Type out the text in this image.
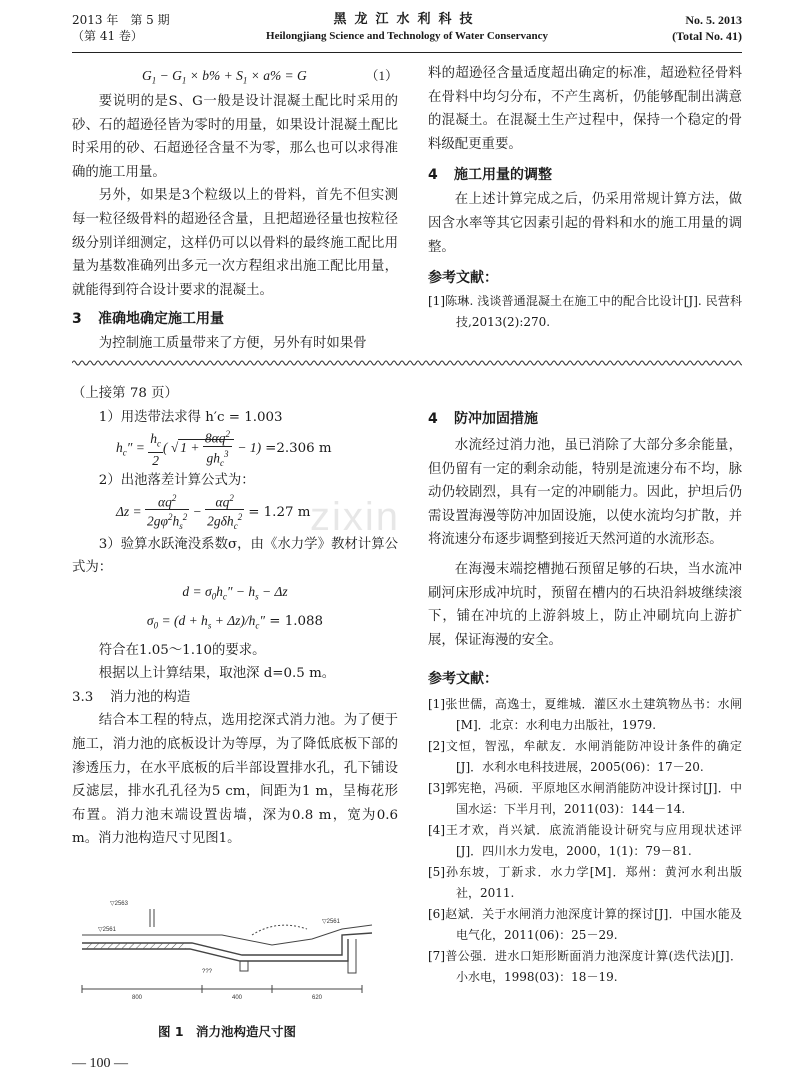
2013 年　第 5 期
（第 41 卷）
黑龙江水利科技
Heilongjiang Science and Technology of Water Conservancy
No. 5. 2013
(Total No. 41)
$G_1 - G_1 \times b\% + S_1 \times a\% = G$	（1）

要说明的是S、G一般是设计混凝土配比时采用的砂、石的超逊径皆为零时的用量，如果设计混凝土配比时采用的砂、石超逊径含量不为零，那么也可以求得准确的施工用量。

另外，如果是3个粒级以上的骨料，首先不但实测每一粒径级骨料的超逊径含量，且把超逊径量也按粒径级分别详细测定，这样仍可以以骨料的最终施工配比用量为基数准确列出多元一次方程组求出施工配比用量，就能得到符合设计要求的混凝土。

3 准确地确定施工用量

为控制施工质量带来了方便，另外有时如果骨

料的超逊径含量适度超出确定的标准，超逊粒径骨料在骨料中均匀分布，不产生离析，仍能够配制出满意的混凝土。在混凝土生产过程中，保持一个稳定的骨料级配更重要。

4 施工用量的调整

在上述计算完成之后，仍采用常规计算方法，做因含水率等其它因素引起的骨料和水的施工用量的调整。

参考文献：
[1]陈琳. 浅谈普通混凝土在施工中的配合比设计[J]. 民营科技,2013(2):270.
（上接第 78 页）
1）用迭带法求得 h′c = 1.003
$h_c'' = \frac{h_c}{2}$ ( √ $1 + \frac{8\alpha q^2}{gh_c^3} - 1) =2.306$ m
2）出池落差计算公式为：
$\Delta z = \frac{\alpha q^2}{2g\varphi^2h_s^2} - \frac{\alpha q^2}{2g\delta h_c^2} = 1.27$ m

3）验算水跃淹没系数σ，由《水力学》教材计算公式为：

$d = \sigma_0h_c'' - h_s - \Delta z$
$\sigma_0 = (d + h_s + \Delta z)/h_c'' = 1.088$
符合在1.05～1.10的要求。
根据以上计算结果，取池深 d=0.5 m。
3.3 消力池的构造

结合本工程的特点，选用挖深式消力池。为了便于施工，消力池的底板设计为等厚，为了降低底板下部的渗透压力，在水平底板的后半部设置排水孔，孔下铺设反滤层，排水孔孔径为5 cm，间距为1 m，呈梅花形布置。消力池末端设置齿墙，深为0.8 m，宽为0.6 m。消力池构造尺寸见图1。

▽2563
▽2561
▽2561
800	400	620
???
图 1　消力池构造尺寸图
4 防冲加固措施

水流经过消力池，虽已消除了大部分多余能量，但仍留有一定的剩余动能，特别是流速分布不均，脉动仍较剧烈，具有一定的冲刷能力。因此，护坦后仍需设置海漫等防冲加固设施，以使水流均匀扩散，并将流速分布逐步调整到接近天然河道的水流形态。

在海漫末端挖槽抛石预留足够的石块，当水流冲刷河床形成冲坑时，预留在槽内的石块沿斜坡继续滚下，铺在冲坑的上游斜坡上，防止冲刷坑向上游扩展，保证海漫的安全。

参考文献：
[1]张世儒，高逸士，夏维城．灌区水土建筑物丛书：水闸[M]．北京：水利电力出版社，1979.
[2]文恒，智泓，牟献友．水闸消能防冲设计条件的确定[J]．水利水电科技进展，2005(06)：17－20.
[3]郭宪艳，冯硕．平原地区水闸消能防冲设计探讨[J]．中国水运：下半月刊，2011(03)：144－14.
[4]王才欢，肖兴斌．底流消能设计研究与应用现状述评[J]．四川水力发电，2000，1(1)：79－81.
[5]孙东坡，丁新求．水力学[M]．郑州：黄河水利出版社，2011.
[6]赵斌．关于水闸消力池深度计算的探讨[J]．中国水能及电气化，2011(06)：25－29.
[7]普公强．进水口矩形断面消力池深度计算(迭代法)[J]．小水电，1998(03)：18－19.
— 100 —
zixin
